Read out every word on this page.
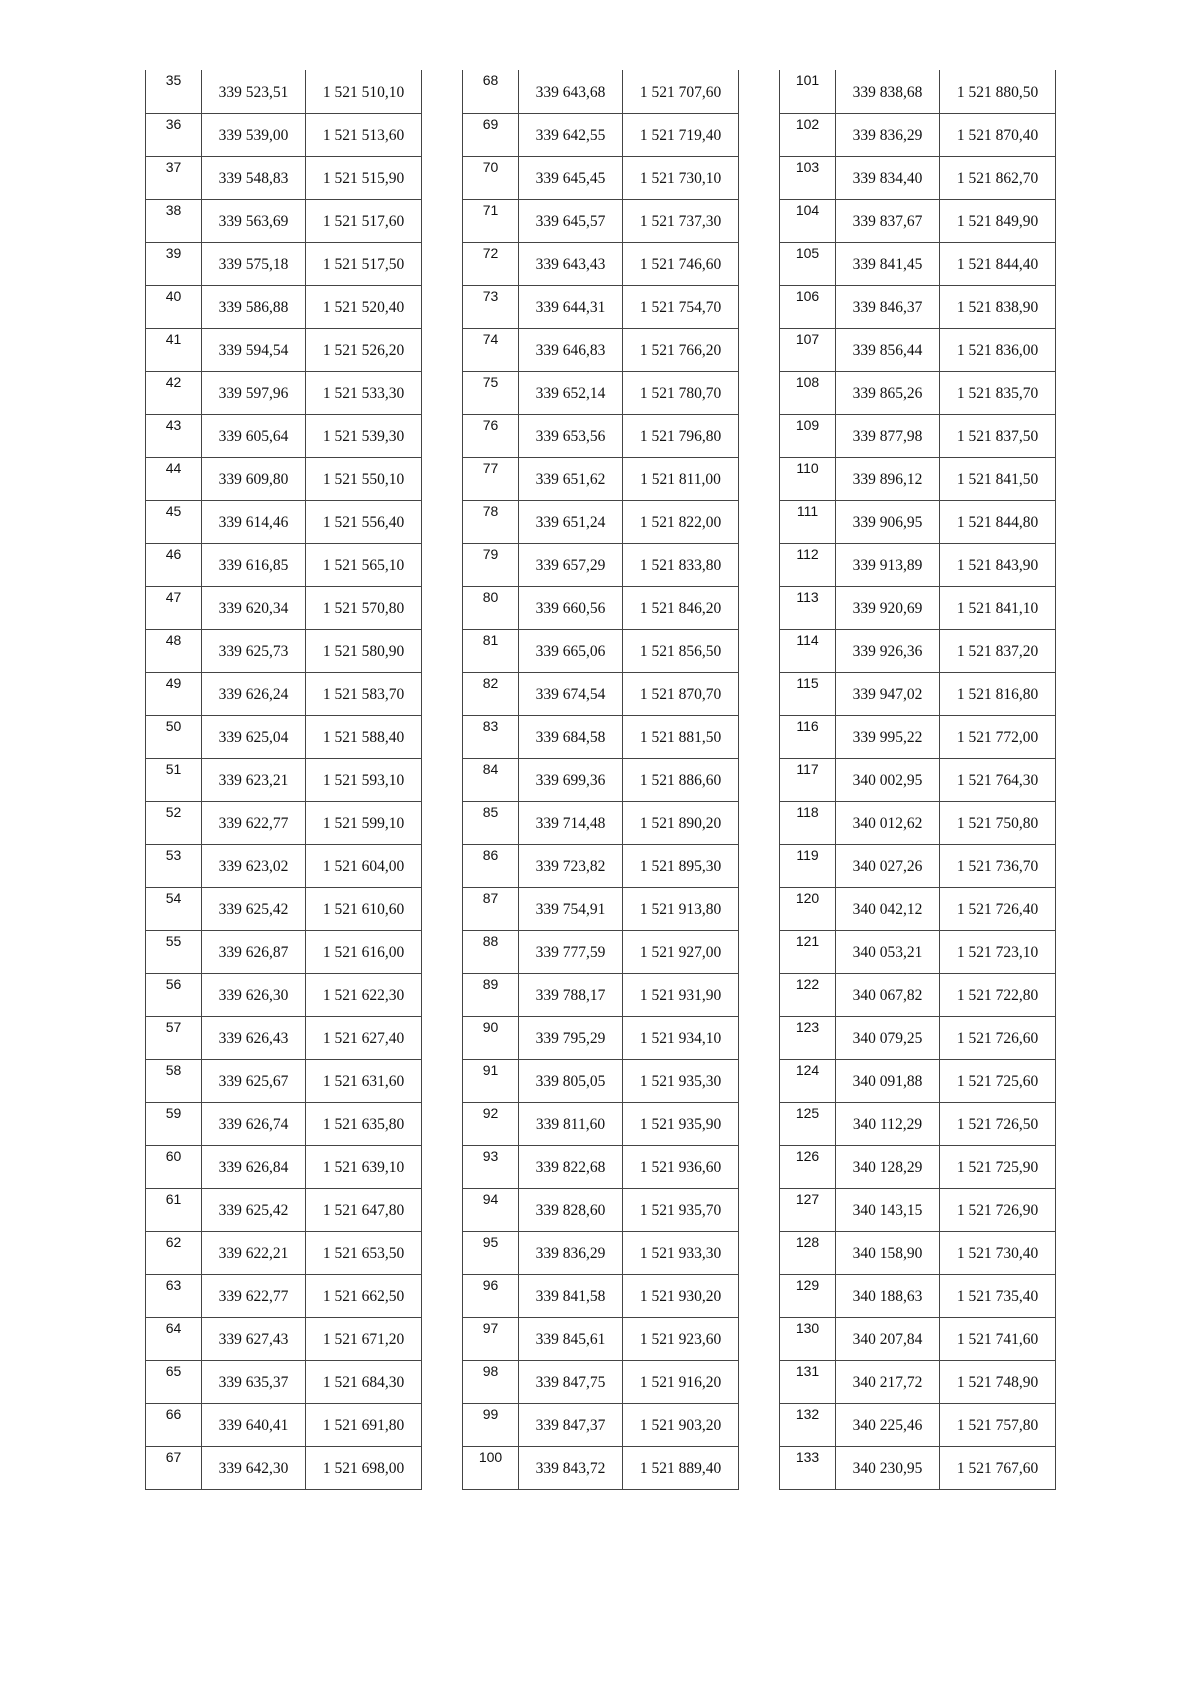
35	339 523,51	1 521 510,10
36	339 539,00	1 521 513,60
37	339 548,83	1 521 515,90
38	339 563,69	1 521 517,60
39	339 575,18	1 521 517,50
40	339 586,88	1 521 520,40
41	339 594,54	1 521 526,20
42	339 597,96	1 521 533,30
43	339 605,64	1 521 539,30
44	339 609,80	1 521 550,10
45	339 614,46	1 521 556,40
46	339 616,85	1 521 565,10
47	339 620,34	1 521 570,80
48	339 625,73	1 521 580,90
49	339 626,24	1 521 583,70
50	339 625,04	1 521 588,40
51	339 623,21	1 521 593,10
52	339 622,77	1 521 599,10
53	339 623,02	1 521 604,00
54	339 625,42	1 521 610,60
55	339 626,87	1 521 616,00
56	339 626,30	1 521 622,30
57	339 626,43	1 521 627,40
58	339 625,67	1 521 631,60
59	339 626,74	1 521 635,80
60	339 626,84	1 521 639,10
61	339 625,42	1 521 647,80
62	339 622,21	1 521 653,50
63	339 622,77	1 521 662,50
64	339 627,43	1 521 671,20
65	339 635,37	1 521 684,30
66	339 640,41	1 521 691,80
67	339 642,30	1 521 698,00
68	339 643,68	1 521 707,60
69	339 642,55	1 521 719,40
70	339 645,45	1 521 730,10
71	339 645,57	1 521 737,30
72	339 643,43	1 521 746,60
73	339 644,31	1 521 754,70
74	339 646,83	1 521 766,20
75	339 652,14	1 521 780,70
76	339 653,56	1 521 796,80
77	339 651,62	1 521 811,00
78	339 651,24	1 521 822,00
79	339 657,29	1 521 833,80
80	339 660,56	1 521 846,20
81	339 665,06	1 521 856,50
82	339 674,54	1 521 870,70
83	339 684,58	1 521 881,50
84	339 699,36	1 521 886,60
85	339 714,48	1 521 890,20
86	339 723,82	1 521 895,30
87	339 754,91	1 521 913,80
88	339 777,59	1 521 927,00
89	339 788,17	1 521 931,90
90	339 795,29	1 521 934,10
91	339 805,05	1 521 935,30
92	339 811,60	1 521 935,90
93	339 822,68	1 521 936,60
94	339 828,60	1 521 935,70
95	339 836,29	1 521 933,30
96	339 841,58	1 521 930,20
97	339 845,61	1 521 923,60
98	339 847,75	1 521 916,20
99	339 847,37	1 521 903,20
100	339 843,72	1 521 889,40
101	339 838,68	1 521 880,50
102	339 836,29	1 521 870,40
103	339 834,40	1 521 862,70
104	339 837,67	1 521 849,90
105	339 841,45	1 521 844,40
106	339 846,37	1 521 838,90
107	339 856,44	1 521 836,00
108	339 865,26	1 521 835,70
109	339 877,98	1 521 837,50
110	339 896,12	1 521 841,50
111	339 906,95	1 521 844,80
112	339 913,89	1 521 843,90
113	339 920,69	1 521 841,10
114	339 926,36	1 521 837,20
115	339 947,02	1 521 816,80
116	339 995,22	1 521 772,00
117	340 002,95	1 521 764,30
118	340 012,62	1 521 750,80
119	340 027,26	1 521 736,70
120	340 042,12	1 521 726,40
121	340 053,21	1 521 723,10
122	340 067,82	1 521 722,80
123	340 079,25	1 521 726,60
124	340 091,88	1 521 725,60
125	340 112,29	1 521 726,50
126	340 128,29	1 521 725,90
127	340 143,15	1 521 726,90
128	340 158,90	1 521 730,40
129	340 188,63	1 521 735,40
130	340 207,84	1 521 741,60
131	340 217,72	1 521 748,90
132	340 225,46	1 521 757,80
133	340 230,95	1 521 767,60
